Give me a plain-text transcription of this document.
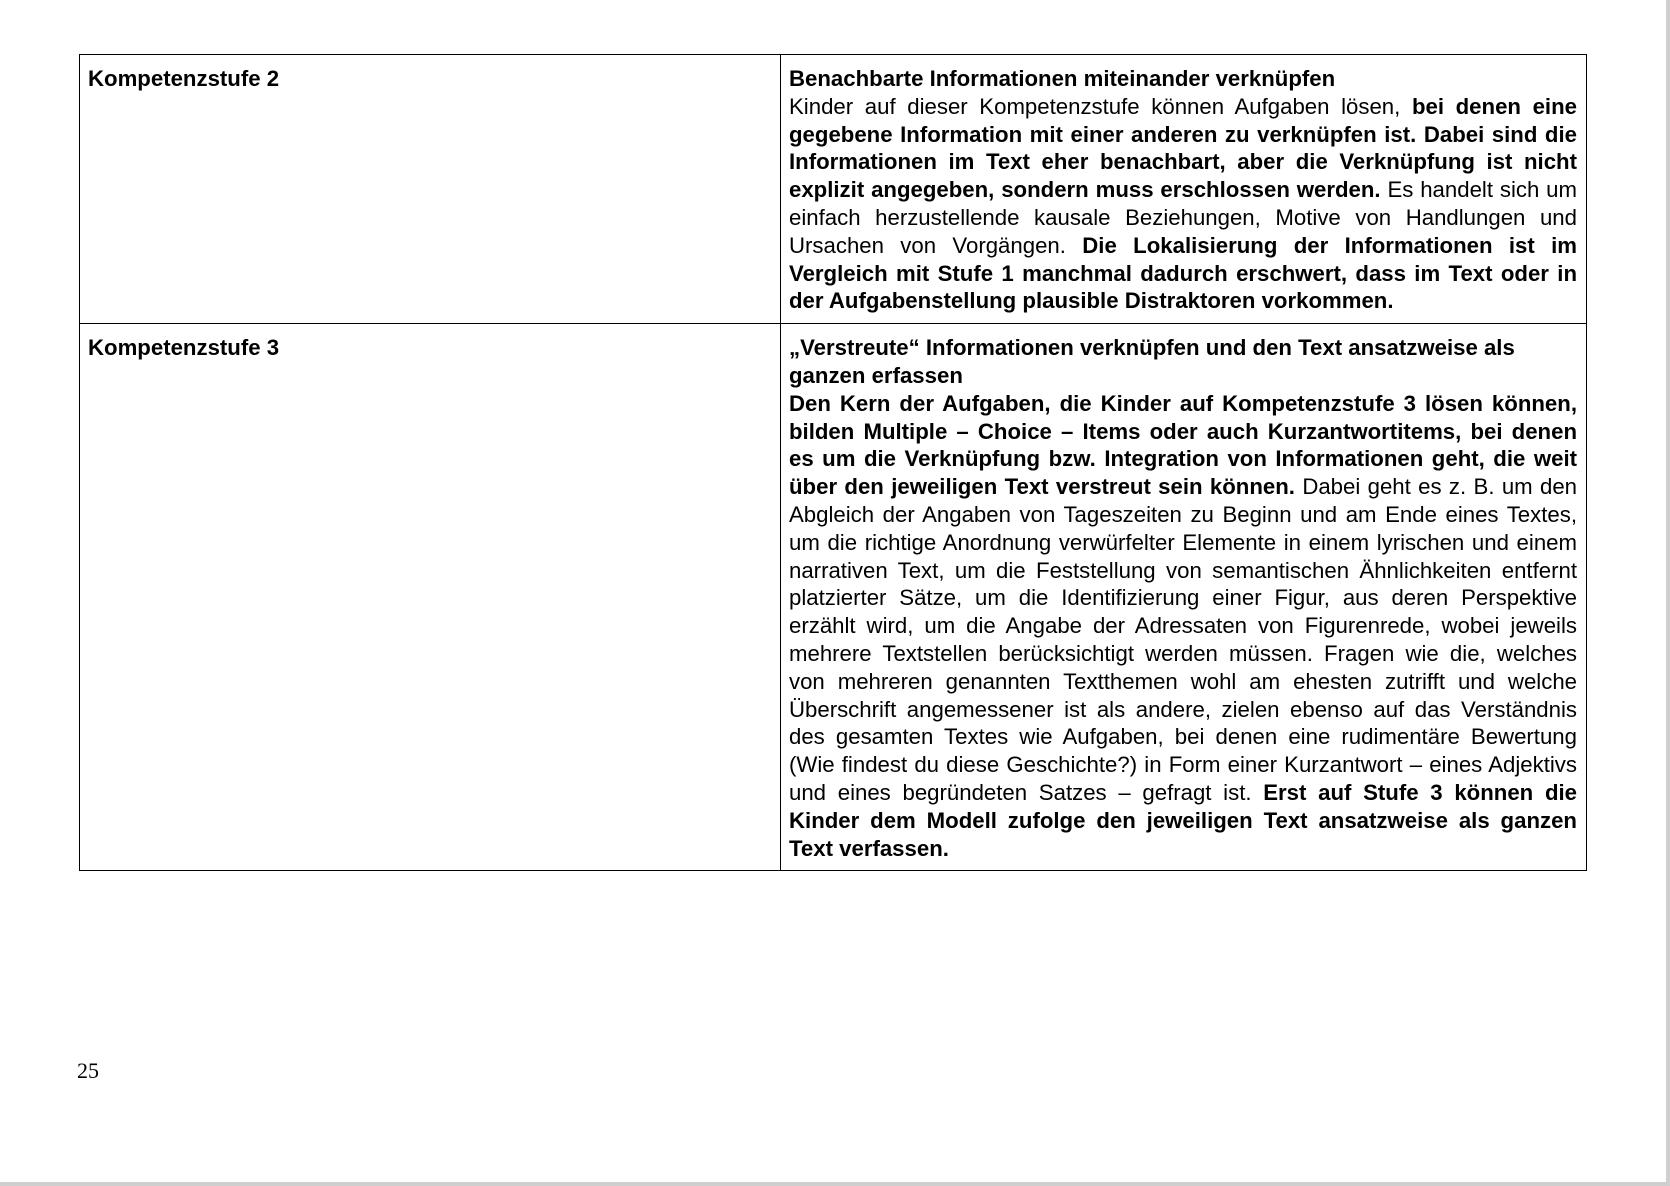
Kompetenzstufe 2	Benachbarte Informationen miteinander verknüpfen
Kinder auf dieser Kompetenzstufe können Aufgaben lösen, bei denen eine gegebene Information mit einer anderen zu verknüpfen ist. Dabei sind die Informationen im Text eher benachbart, aber die Verknüpfung ist nicht explizit angegeben, sondern muss erschlossen werden. Es handelt sich um einfach herzustellende kausale Beziehungen, Motive von Handlungen und Ursachen von Vorgängen. Die Lokalisierung der Informationen ist im Vergleich mit Stufe 1 manchmal dadurch erschwert, dass im Text oder in der Aufgabenstellung plausible Distraktoren vorkommen.
Kompetenzstufe 3	„Verstreute“ Informationen verknüpfen und den Text ansatzweise als ganzen erfassen
Den Kern der Aufgaben, die Kinder auf Kompetenzstufe 3 lösen können, bilden Multiple – Choice – Items oder auch Kurzantwortitems, bei denen es um die Verknüpfung bzw. Integration von Informationen geht, die weit über den jeweiligen Text verstreut sein können. Dabei geht es z. B. um den Abgleich der Angaben von Tageszeiten zu Beginn und am Ende eines Textes, um die richtige Anordnung verwürfelter Elemente in einem lyrischen und einem narrativen Text, um die Feststellung von semantischen Ähnlichkeiten entfernt platzierter Sätze, um die Identifizierung einer Figur, aus deren Perspektive erzählt wird, um die Angabe der Adressaten von Figurenrede, wobei jeweils mehrere Textstellen berücksichtigt werden müssen. Fragen wie die, welches von mehreren genannten Textthemen wohl am ehesten zutrifft und welche Überschrift angemessener ist als andere, zielen ebenso auf das Verständnis des gesamten Textes wie Aufgaben, bei denen eine rudimentäre Bewertung (Wie findest du diese Geschichte?) in Form einer Kurzantwort – eines Adjektivs und eines begründeten Satzes – gefragt ist. Erst auf Stufe 3 können die Kinder dem Modell zufolge den jeweiligen Text ansatzweise als ganzen Text verfassen.
25
